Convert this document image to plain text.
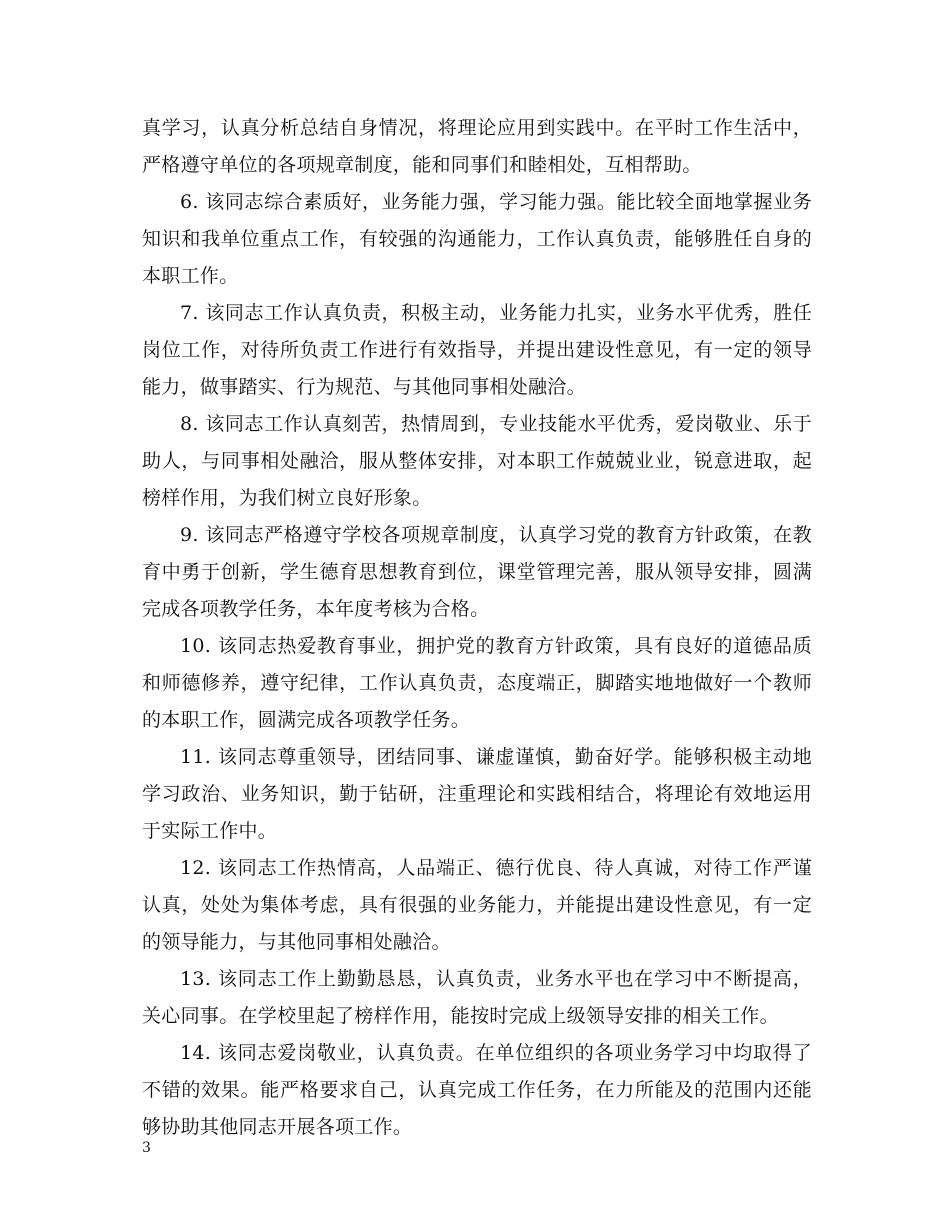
真学习，认真分析总结自身情况，将理论应用到实践中。在平时工作生活中，严格遵守单位的各项规章制度，能和同事们和睦相处，互相帮助。

6. 该同志综合素质好，业务能力强，学习能力强。能比较全面地掌握业务知识和我单位重点工作，有较强的沟通能力，工作认真负责，能够胜任自身的本职工作。

7. 该同志工作认真负责，积极主动，业务能力扎实，业务水平优秀，胜任岗位工作，对待所负责工作进行有效指导，并提出建设性意见，有一定的领导能力，做事踏实、行为规范、与其他同事相处融洽。

8. 该同志工作认真刻苦，热情周到，专业技能水平优秀，爱岗敬业、乐于助人，与同事相处融洽，服从整体安排，对本职工作兢兢业业，锐意进取，起榜样作用，为我们树立良好形象。

9. 该同志严格遵守学校各项规章制度，认真学习党的教育方针政策，在教育中勇于创新，学生德育思想教育到位，课堂管理完善，服从领导安排，圆满完成各项教学任务，本年度考核为合格。

10. 该同志热爱教育事业，拥护党的教育方针政策，具有良好的道德品质和师德修养，遵守纪律，工作认真负责，态度端正，脚踏实地地做好一个教师的本职工作，圆满完成各项教学任务。

11. 该同志尊重领导，团结同事、谦虚谨慎，勤奋好学。能够积极主动地学习政治、业务知识，勤于钻研，注重理论和实践相结合，将理论有效地运用于实际工作中。

12. 该同志工作热情高，人品端正、德行优良、待人真诚，对待工作严谨认真，处处为集体考虑，具有很强的业务能力，并能提出建设性意见，有一定的领导能力，与其他同事相处融洽。

13. 该同志工作上勤勤恳恳，认真负责，业务水平也在学习中不断提高，关心同事。在学校里起了榜样作用，能按时完成上级领导安排的相关工作。

14. 该同志爱岗敬业，认真负责。在单位组织的各项业务学习中均取得了不错的效果。能严格要求自己，认真完成工作任务，在力所能及的范围内还能够协助其他同志开展各项工作。

3
